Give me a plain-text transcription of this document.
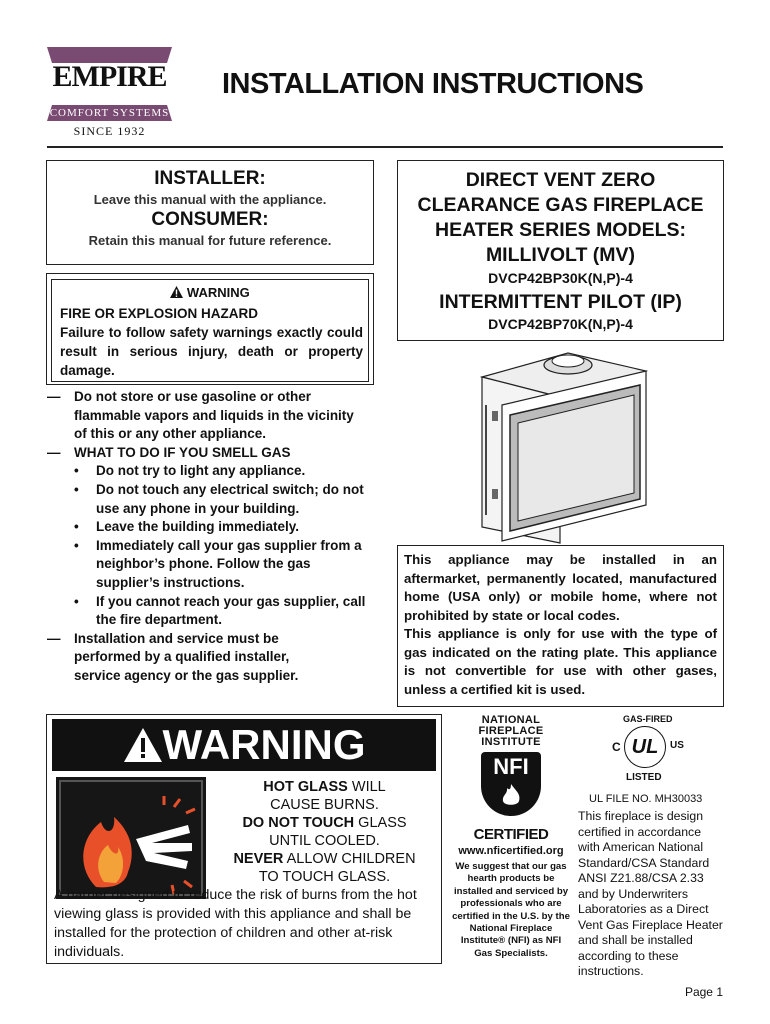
EMPIRE
COMFORT SYSTEMS
SINCE 1932
INSTALLATION INSTRUCTIONS
INSTALLER:
Leave this manual with the appliance.
CONSUMER:
Retain this manual for future reference.
WARNING
FIRE OR EXPLOSION HAZARD
Failure to follow safety warnings exactly could result in serious injury, death or property damage.
—	Do not store or use gasoline or other flammable vapors and liquids in the vicinity of this or any other appliance.
—	WHAT TO DO IF YOU SMELL GAS
•	Do not try to light any appliance.
•	Do not touch any electrical switch; do not use any phone in your building.
•	Leave the building immediately.
•	Immediately call your gas supplier from a neighbor’s phone. Follow the gas supplier’s instructions.
•	If you cannot reach your gas supplier, call the fire department.
—	Installation and service must be performed by a qualified installer, service agency or the gas supplier.
DIRECT VENT ZERO
CLEARANCE GAS FIREPLACE
HEATER SERIES MODELS:
MILLIVOLT (MV)
DVCP42BP30K(N,P)-4
INTERMITTENT PILOT (IP)
DVCP42BP70K(N,P)-4
This appliance may be installed in an aftermarket, permanently located, manufactured home (USA only) or mobile home, where not prohibited by state or local codes.
This appliance is only for use with the type of gas indicated on the rating plate. This appliance is not convertible for use with other gases, unless a certified kit is used.
WARNING
HOT GLASS WILL
CAUSE BURNS.
DO NOT TOUCH GLASS
UNTIL COOLED.
NEVER ALLOW CHILDREN
TO TOUCH GLASS.
A barrier designed to reduce the risk of burns from the hot viewing glass is provided with this appliance and shall be installed for the protection of children and other at-risk individuals.
NATIONAL
FIREPLACE
INSTITUTE
NFI
CERTIFIED
www.nficertified.org
We suggest that our gas hearth products be installed and serviced by professionals who are certified in the U.S. by the National Fireplace Institute® (NFI) as NFI Gas Specialists.
GAS-FIRED
C UL	US
LISTED
UL FILE NO. MH30033
This fireplace is design certified in accordance with American National Standard/CSA Standard ANSI Z21.88/CSA 2.33 and by Underwriters Laboratories as a Direct Vent Gas Fireplace Heater and shall be installed according to these instructions.
Page 1
